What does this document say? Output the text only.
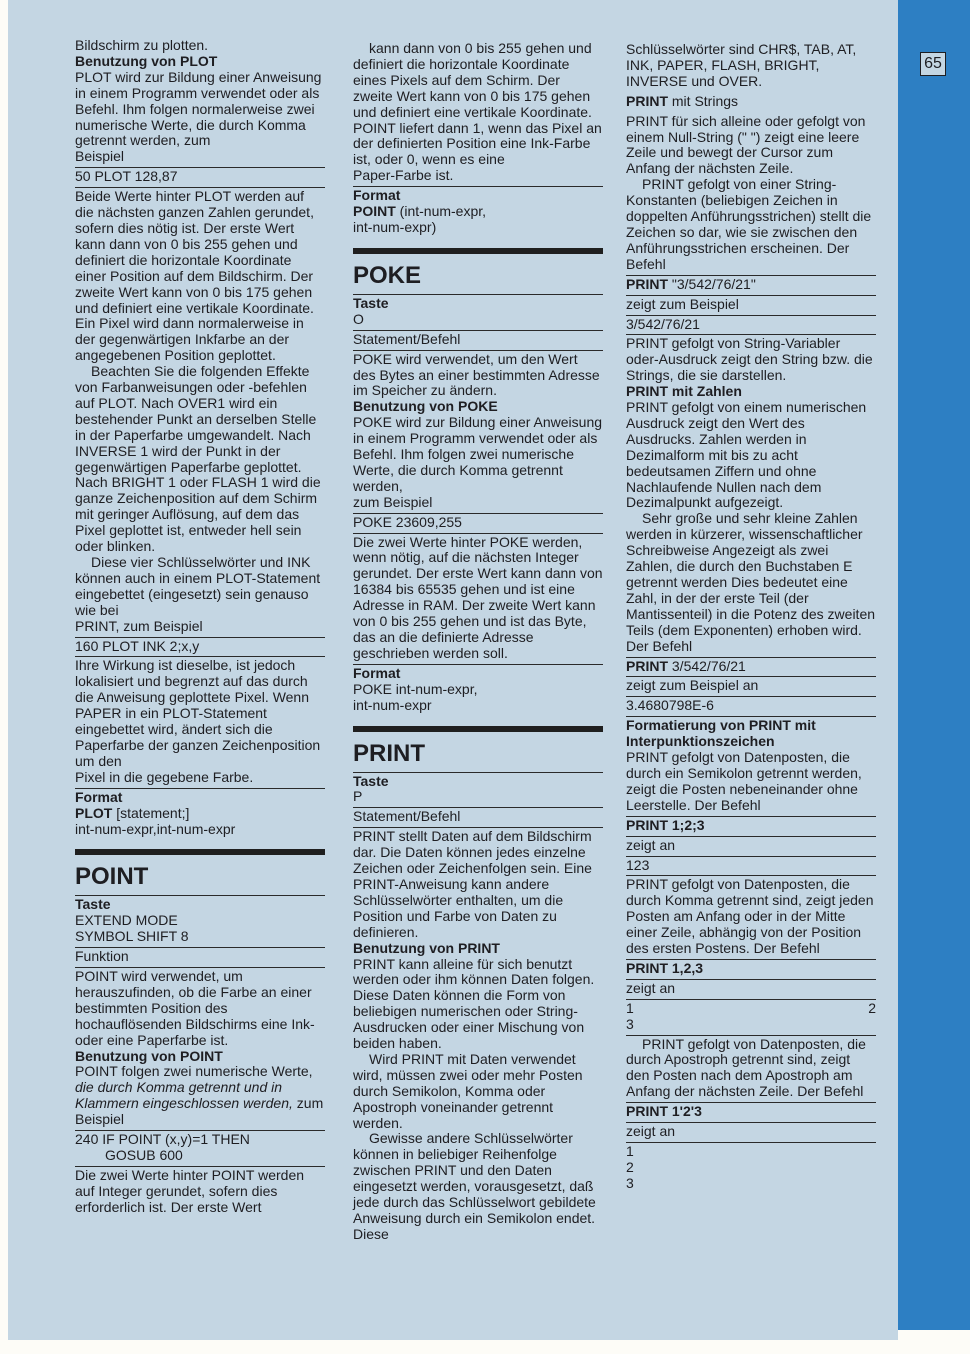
65

Bildschirm zu plotten.

Benutzung von PLOT

PLOT wird zur Bildung einer Anweisung in einem Programm verwendet oder als Befehl. Ihm folgen normalerweise zwei numerische Werte, die durch Komma getrennt werden, zum

Beispiel

50 PLOT 128,87
Beide Werte hinter PLOT werden auf die nächsten ganzen Zahlen gerundet, sofern dies nötig ist. Der erste Wert kann dann von 0 bis 255 gehen und definiert die horizontale Koordinate einer Position auf dem Bildschirm. Der zweite Wert kann von 0 bis 175 gehen und definiert eine vertikale Koordinate. Ein Pixel wird dann normalerweise in der gegenwärtigen Inkfarbe an der angegebenen Position geplottet.

Beachten Sie die folgenden Effekte von Farbanweisungen oder -befehlen auf PLOT. Nach OVER1 wird ein bestehender Punkt an derselben Stelle in der Paperfarbe umgewandelt. Nach INVERSE 1 wird der Punkt in der gegenwärtigen Paperfarbe geplottet. Nach BRIGHT 1 oder FLASH 1 wird die ganze Zeichenposition auf dem Schirm mit geringer Auflösung, auf dem das Pixel geplottet ist, entweder hell sein oder blinken.

Diese vier Schlüsselwörter und INK können auch in einem PLOT-Statement eingebettet (eingesetzt) sein genauso wie bei

PRINT, zum Beispiel

160 PLOT INK 2;x,y
Ihre Wirkung ist dieselbe, ist jedoch lokalisiert und begrenzt auf das durch die Anweisung geplottete Pixel. Wenn PAPER in ein PLOT-Statement eingebettet wird, ändert sich die Paperfarbe der ganzen Zeichenposition um den

Pixel in die gegebene Farbe.

Format

PLOT [statement;]

int-num-expr,int-num-expr

POINT
Taste

EXTEND MODE

SYMBOL SHIFT 8

Funktion
POINT wird verwendet, um herauszufinden, ob die Farbe an einer bestimmten Position des hochauflösenden Bildschirms eine Ink- oder eine Paperfarbe ist.

Benutzung von POINT

POINT folgen zwei numerische Werte, die durch Komma getrennt und in Klammern eingeschlossen werden, zum Beispiel

240 IF POINT (x,y)=1 THEN
GOSUB 600
Die zwei Werte hinter POINT werden auf Integer gerundet, sofern dies erforderlich ist. Der erste Wert

kann dann von 0 bis 255 gehen und definiert die horizontale Koordinate eines Pixels auf dem Schirm. Der zweite Wert kann von 0 bis 175 gehen und definiert eine vertikale Koordinate. POINT liefert dann 1, wenn das Pixel an der definierten Position eine Ink-Farbe ist, oder 0, wenn es eine

Paper-Farbe ist.

Format

POINT (int-num-expr,

int-num-expr)

POKE
Taste

O

Statement/Befehl
POKE wird verwendet, um den Wert des Bytes an einer bestimmten Adresse im Speicher zu ändern.

Benutzung von POKE

POKE wird zur Bildung einer Anweisung in einem Programm verwendet oder als Befehl. Ihm folgen zwei numerische Werte, die durch Komma getrennt werden,

zum Beispiel

POKE 23609,255
Die zwei Werte hinter POKE werden, wenn nötig, auf die nächsten Integer gerundet. Der erste Wert kann dann von 16384 bis 65535 gehen und ist eine Adresse in RAM. Der zweite Wert kann von 0 bis 255 gehen und ist das Byte, das an die definierte Adresse

geschrieben werden soll.

Format

POKE int-num-expr,

int-num-expr

PRINT
Taste

P

Statement/Befehl
PRINT stellt Daten auf dem Bildschirm dar. Die Daten können jedes einzelne Zeichen oder Zeichenfolgen sein. Eine PRINT-Anweisung kann andere Schlüsselwörter enthalten, um die Position und Farbe von Daten zu definieren.

Benutzung von PRINT

PRINT kann alleine für sich benutzt werden oder ihm können Daten folgen. Diese Daten können die Form von beliebigen numerischen oder String-Ausdrucken oder einer Mischung von beiden haben.

Wird PRINT mit Daten verwendet wird, müssen zwei oder mehr Posten durch Semikolon, Komma oder Apostroph voneinander getrennt werden.

Gewisse andere Schlüsselwörter können in beliebiger Reihenfolge zwischen PRINT und den Daten eingesetzt werden, vorausgesetzt, daß jede durch das Schlüsselwort gebildete Anweisung durch ein Semikolon endet. Diese

Schlüsselwörter sind CHR$, TAB, AT, INK, PAPER, FLASH, BRIGHT, INVERSE und OVER.

PRINT mit Strings

PRINT für sich alleine oder gefolgt von einem Null-String (" ") zeigt eine leere Zeile und bewegt der Cursor zum Anfang der nächsten Zeile.

PRINT gefolgt von einer String-Konstanten (beliebigen Zeichen in doppelten Anführungsstrichen) stellt die Zeichen so dar, wie sie zwischen den Anführungsstrichen erscheinen. Der Befehl

PRINT "3/542/76/21"
zeigt zum Beispiel
3/542/76/21
PRINT gefolgt von String-Variabler oder-Ausdruck zeigt den String bzw. die Strings, die sie darstellen.

PRINT mit Zahlen

PRINT gefolgt von einem numerischen Ausdruck zeigt den Wert des Ausdrucks. Zahlen werden in Dezimalform mit bis zu acht bedeutsamen Ziffern und ohne Nachlaufende Nullen nach dem

Dezimalpunkt aufgezeigt.

Sehr große und sehr kleine Zahlen werden in kürzerer, wissenschaftlicher Schreibweise Angezeigt als zwei Zahlen, die durch den Buchstaben E getrennt werden Dies bedeutet eine Zahl, in der der erste Teil (der Mantissenteil) in die Potenz des zweiten Teils (dem Exponenten) erhoben wird. Der Befehl

PRINT 3/542/76/21
zeigt zum Beispiel an
3.4680798E-6
Formatierung von PRINT mit Interpunktionszeichen

PRINT gefolgt von Datenposten, die durch ein Semikolon getrennt werden, zeigt die Posten nebeneinander ohne Leerstelle. Der Befehl

PRINT 1;2;3
zeigt an
123
PRINT gefolgt von Datenposten, die durch Komma getrennt sind, zeigt jeden Posten am Anfang oder in der Mitte einer Zeile, abhängig von der Position des ersten Postens. Der Befehl
PRINT 1,2,3
zeigt an
1	2
3
PRINT gefolgt von Datenposten, die durch Apostroph getrennt sind, zeigt den Posten nach dem Apostroph am Anfang der nächsten Zeile. Der Befehl
PRINT 1'2'3
zeigt an
1
2
3
